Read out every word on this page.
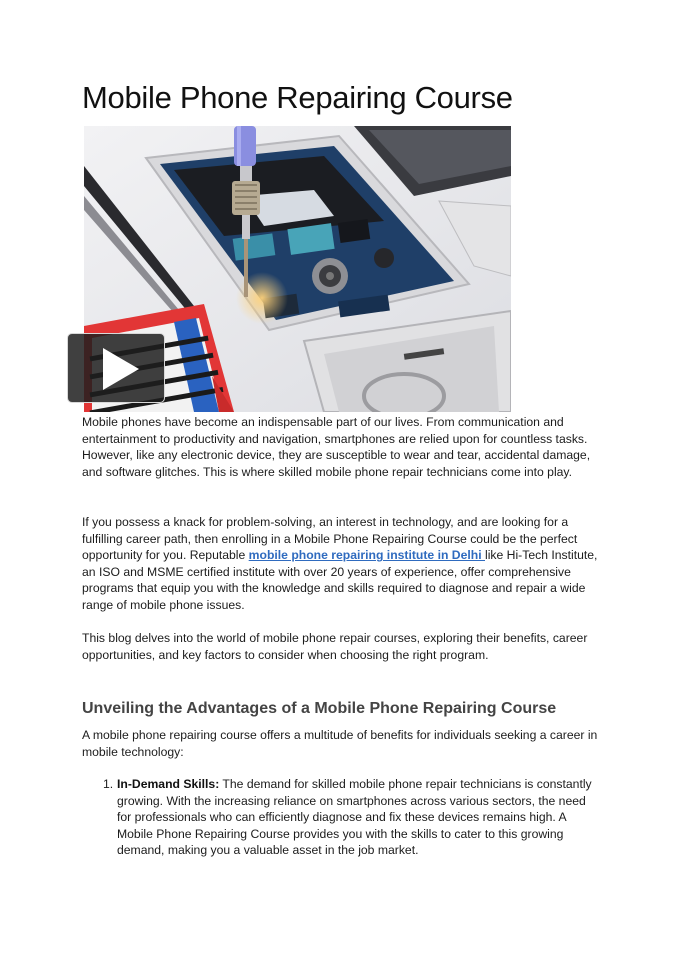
Mobile Phone Repairing Course

Mobile phones have become an indispensable part of our lives. From communication and entertainment to productivity and navigation, smartphones are relied upon for countless tasks. However, like any electronic device, they are susceptible to wear and tear, accidental damage, and software glitches. This is where skilled mobile phone repair technicians come into play.

If you possess a knack for problem-solving, an interest in technology, and are looking for a fulfilling career path, then enrolling in a Mobile Phone Repairing Course could be the perfect opportunity for you. Reputable mobile phone repairing institute in Delhi like Hi-Tech Institute, an ISO and MSME certified institute with over 20 years of experience, offer comprehensive programs that equip you with the knowledge and skills required to diagnose and repair a wide range of mobile phone issues.

This blog delves into the world of mobile phone repair courses, exploring their benefits, career opportunities, and key factors to consider when choosing the right program.

Unveiling the Advantages of a Mobile Phone Repairing Course

A mobile phone repairing course offers a multitude of benefits for individuals seeking a career in mobile technology:

1. In-Demand Skills: The demand for skilled mobile phone repair technicians is constantly growing. With the increasing reliance on smartphones across various sectors, the need for professionals who can efficiently diagnose and fix these devices remains high. A Mobile Phone Repairing Course provides you with the skills to cater to this growing demand, making you a valuable asset in the job market.
